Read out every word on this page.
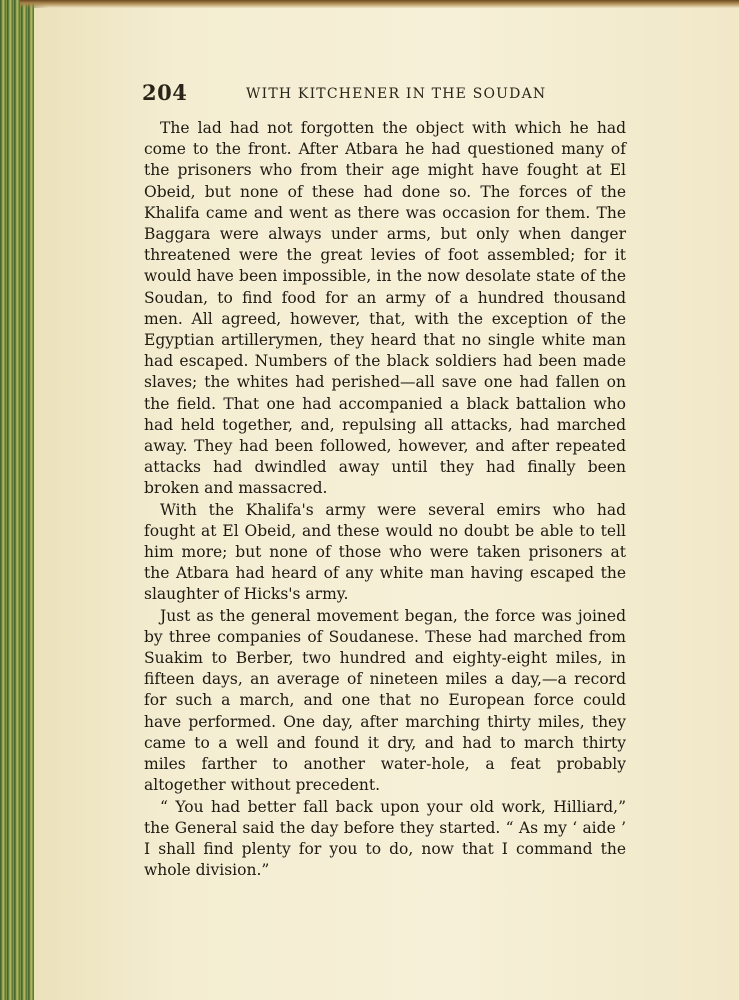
204	WITH KITCHENER IN THE SOUDAN

The lad had not forgotten the object with which he had come to the front. After Atbara he had questioned many of the prisoners who from their age might have fought at El Obeid, but none of these had done so. The forces of the Khalifa came and went as there was occasion for them. The Baggara were always under arms, but only when danger threatened were the great levies of foot assembled; for it would have been impossible, in the now desolate state of the Soudan, to find food for an army of a hundred thousand men. All agreed, however, that, with the exception of the Egyptian artillerymen, they heard that no single white man had escaped. Numbers of the black soldiers had been made slaves; the whites had perished—all save one had fallen on the field. That one had accompanied a black battalion who had held together, and, repulsing all attacks, had marched away. They had been followed, however, and after repeated attacks had dwindled away until they had finally been broken and massacred.

With the Khalifa's army were several emirs who had fought at El Obeid, and these would no doubt be able to tell him more; but none of those who were taken prisoners at the Atbara had heard of any white man having escaped the slaughter of Hicks's army.

Just as the general movement began, the force was joined by three companies of Soudanese. These had marched from Suakim to Berber, two hundred and eighty-eight miles, in fifteen days, an average of nineteen miles a day,—a record for such a march, and one that no European force could have performed. One day, after marching thirty miles, they came to a well and found it dry, and had to march thirty miles farther to another water-hole, a feat probably altogether without precedent.

“ You had better fall back upon your old work, Hilliard,” the General said the day before they started. “ As my ‘ aide ’ I shall find plenty for you to do, now that I command the whole division.”
